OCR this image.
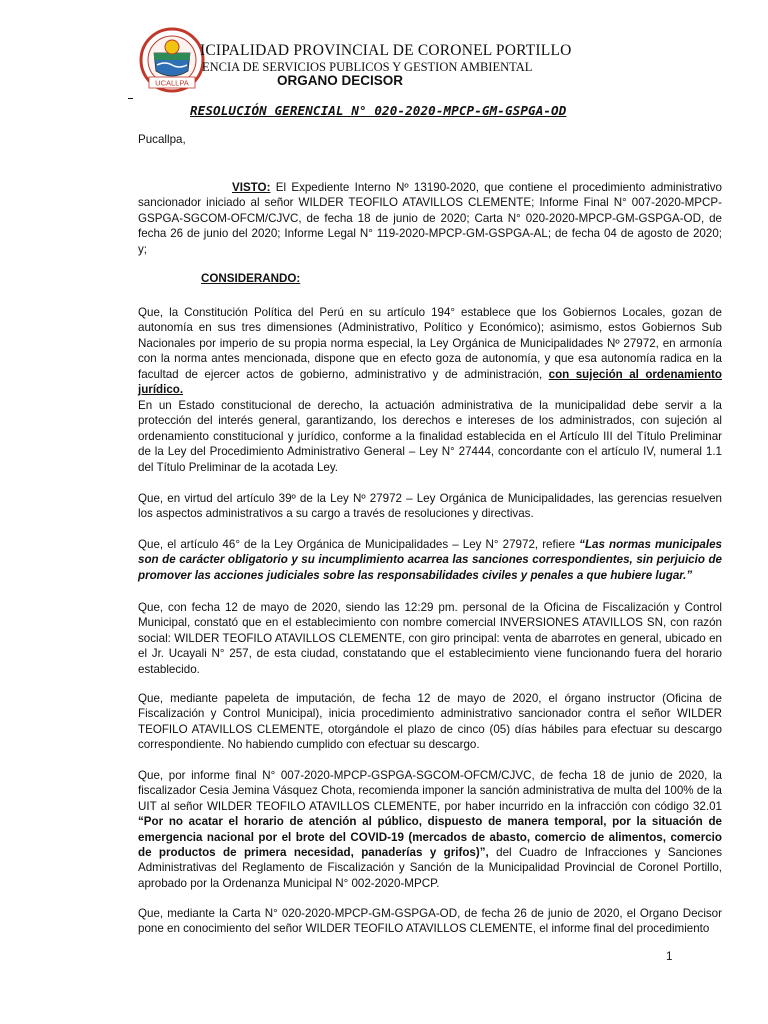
UCALLPA
ICIPALIDAD PROVINCIAL DE CORONEL PORTILLO
ENCIA DE SERVICIOS PUBLICOS Y GESTION AMBIENTAL
ORGANO DECISOR
RESOLUCIÓN GERENCIAL N° 020-2020-MPCP-GM-GSPGA-OD
Pucallpa,

VISTO: El Expediente Interno Nº 13190-2020, que contiene el procedimiento administrativo sancionador iniciado al señor WILDER TEOFILO ATAVILLOS CLEMENTE; Informe Final N° 007-2020-MPCP-GSPGA-SGCOM-OFCM/CJVC, de fecha 18 de junio de 2020; Carta N° 020-2020-MPCP-GM-GSPGA-OD, de fecha 26 de junio del 2020; Informe Legal N° 119-2020-MPCP-GM-GSPGA-AL; de fecha 04 de agosto de 2020; y;

CONSIDERANDO:

Que, la Constitución Política del Perú en su artículo 194° establece que los Gobiernos Locales, gozan de autonomía en sus tres dimensiones (Administrativo, Político y Económico); asimismo, estos Gobiernos Sub Nacionales por imperio de su propia norma especial, la Ley Orgánica de Municipalidades Nº 27972, en armonía con la norma antes mencionada, dispone que en efecto goza de autonomía, y que esa autonomía radica en la facultad de ejercer actos de gobierno, administrativo y de administración, con sujeción al ordenamiento jurídico.

En un Estado constitucional de derecho, la actuación administrativa de la municipalidad debe servir a la protección del interés general, garantizando, los derechos e intereses de los administrados, con sujeción al ordenamiento constitucional y jurídico, conforme a la finalidad establecida en el Artículo III del Título Preliminar de la Ley del Procedimiento Administrativo General – Ley N° 27444, concordante con el artículo IV, numeral 1.1 del Título Preliminar de la acotada Ley.

Que, en virtud del artículo 39º de la Ley Nº 27972 – Ley Orgánica de Municipalidades, las gerencias resuelven los aspectos administrativos a su cargo a través de resoluciones y directivas.

Que, el artículo 46° de la Ley Orgánica de Municipalidades – Ley N° 27972, refiere “Las normas municipales son de carácter obligatorio y su incumplimiento acarrea las sanciones correspondientes, sin perjuicio de promover las acciones judiciales sobre las responsabilidades civiles y penales a que hubiere lugar.”

Que, con fecha 12 de mayo de 2020, siendo las 12:29 pm. personal de la Oficina de Fiscalización y Control Municipal, constató que en el establecimiento con nombre comercial INVERSIONES ATAVILLOS SN, con razón social: WILDER TEOFILO ATAVILLOS CLEMENTE, con giro principal: venta de abarrotes en general, ubicado en el Jr. Ucayali N° 257, de esta ciudad, constatando que el establecimiento viene funcionando fuera del horario establecido.

Que, mediante papeleta de imputación, de fecha 12 de mayo de 2020, el órgano instructor (Oficina de Fiscalización y Control Municipal), inicia procedimiento administrativo sancionador contra el señor WILDER TEOFILO ATAVILLOS CLEMENTE, otorgándole el plazo de cinco (05) días hábiles para efectuar su descargo correspondiente. No habiendo cumplido con efectuar su descargo.

Que, por informe final N° 007-2020-MPCP-GSPGA-SGCOM-OFCM/CJVC, de fecha 18 de junio de 2020, la fiscalizador Cesia Jemina Vásquez Chota, recomienda imponer la sanción administrativa de multa del 100% de la UIT al señor WILDER TEOFILO ATAVILLOS CLEMENTE, por haber incurrido en la infracción con código 32.01 “Por no acatar el horario de atención al público, dispuesto de manera temporal, por la situación de emergencia nacional por el brote del COVID-19 (mercados de abasto, comercio de alimentos, comercio de productos de primera necesidad, panaderías y grifos)”, del Cuadro de Infracciones y Sanciones Administrativas del Reglamento de Fiscalización y Sanción de la Municipalidad Provincial de Coronel Portillo, aprobado por la Ordenanza Municipal N° 002-2020-MPCP.

Que, mediante la Carta N° 020-2020-MPCP-GM-GSPGA-OD, de fecha 26 de junio de 2020, el Organo Decisor pone en conocimiento del señor WILDER TEOFILO ATAVILLOS CLEMENTE, el informe final del procedimiento

1
